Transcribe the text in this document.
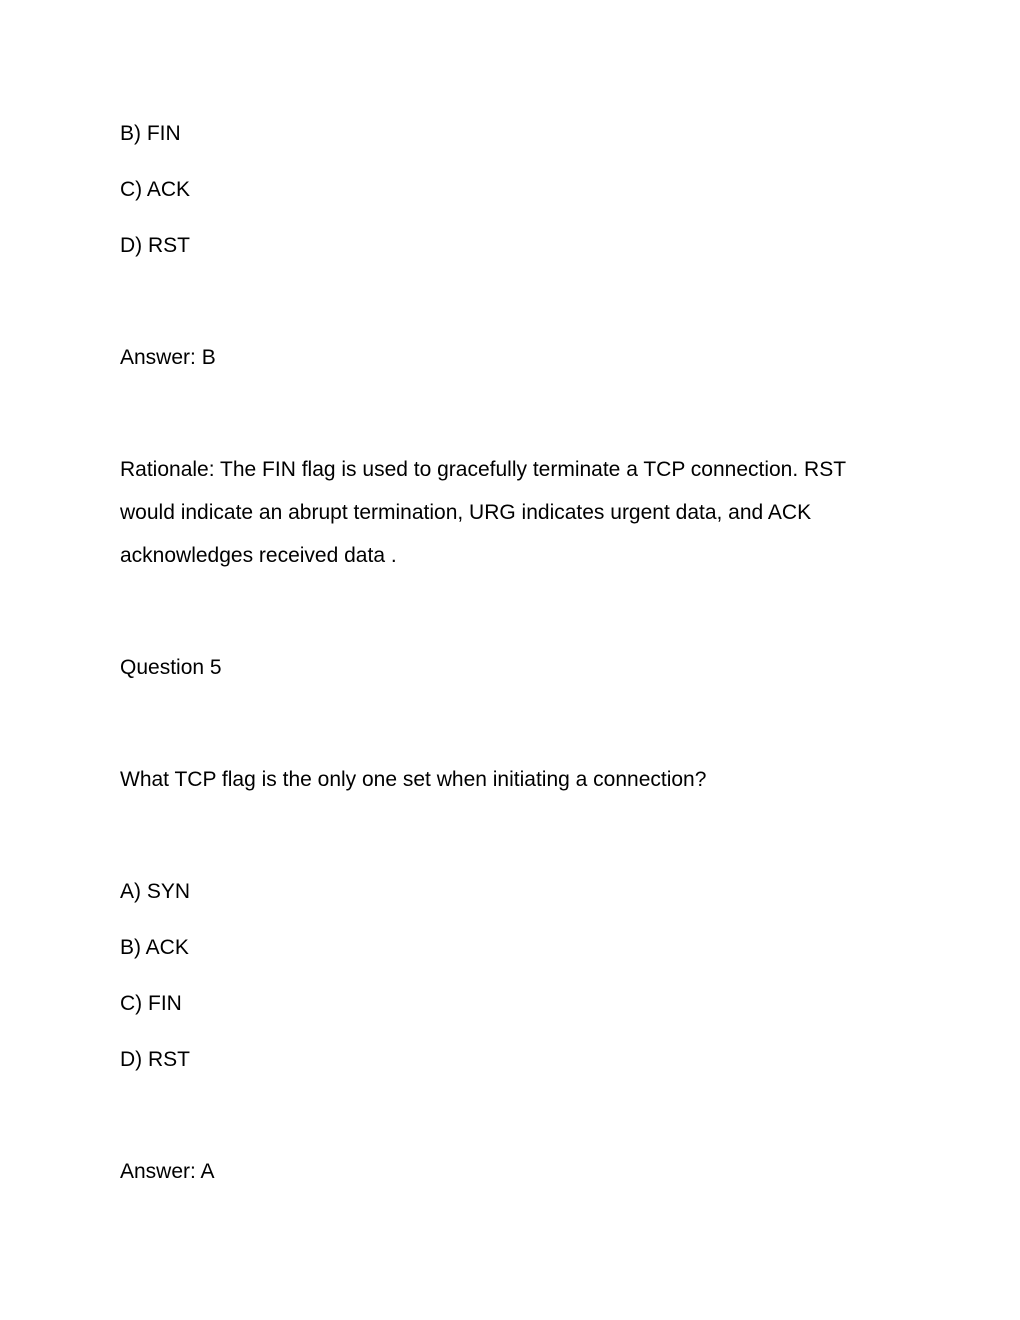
B) FIN

C) ACK

D) RST

Answer: B

Rationale: The FIN flag is used to gracefully terminate a TCP connection. RST

would indicate an abrupt termination, URG indicates urgent data, and ACK

acknowledges received data .

Question 5

What TCP flag is the only one set when initiating a connection?

A) SYN

B) ACK

C) FIN

D) RST

Answer: A
